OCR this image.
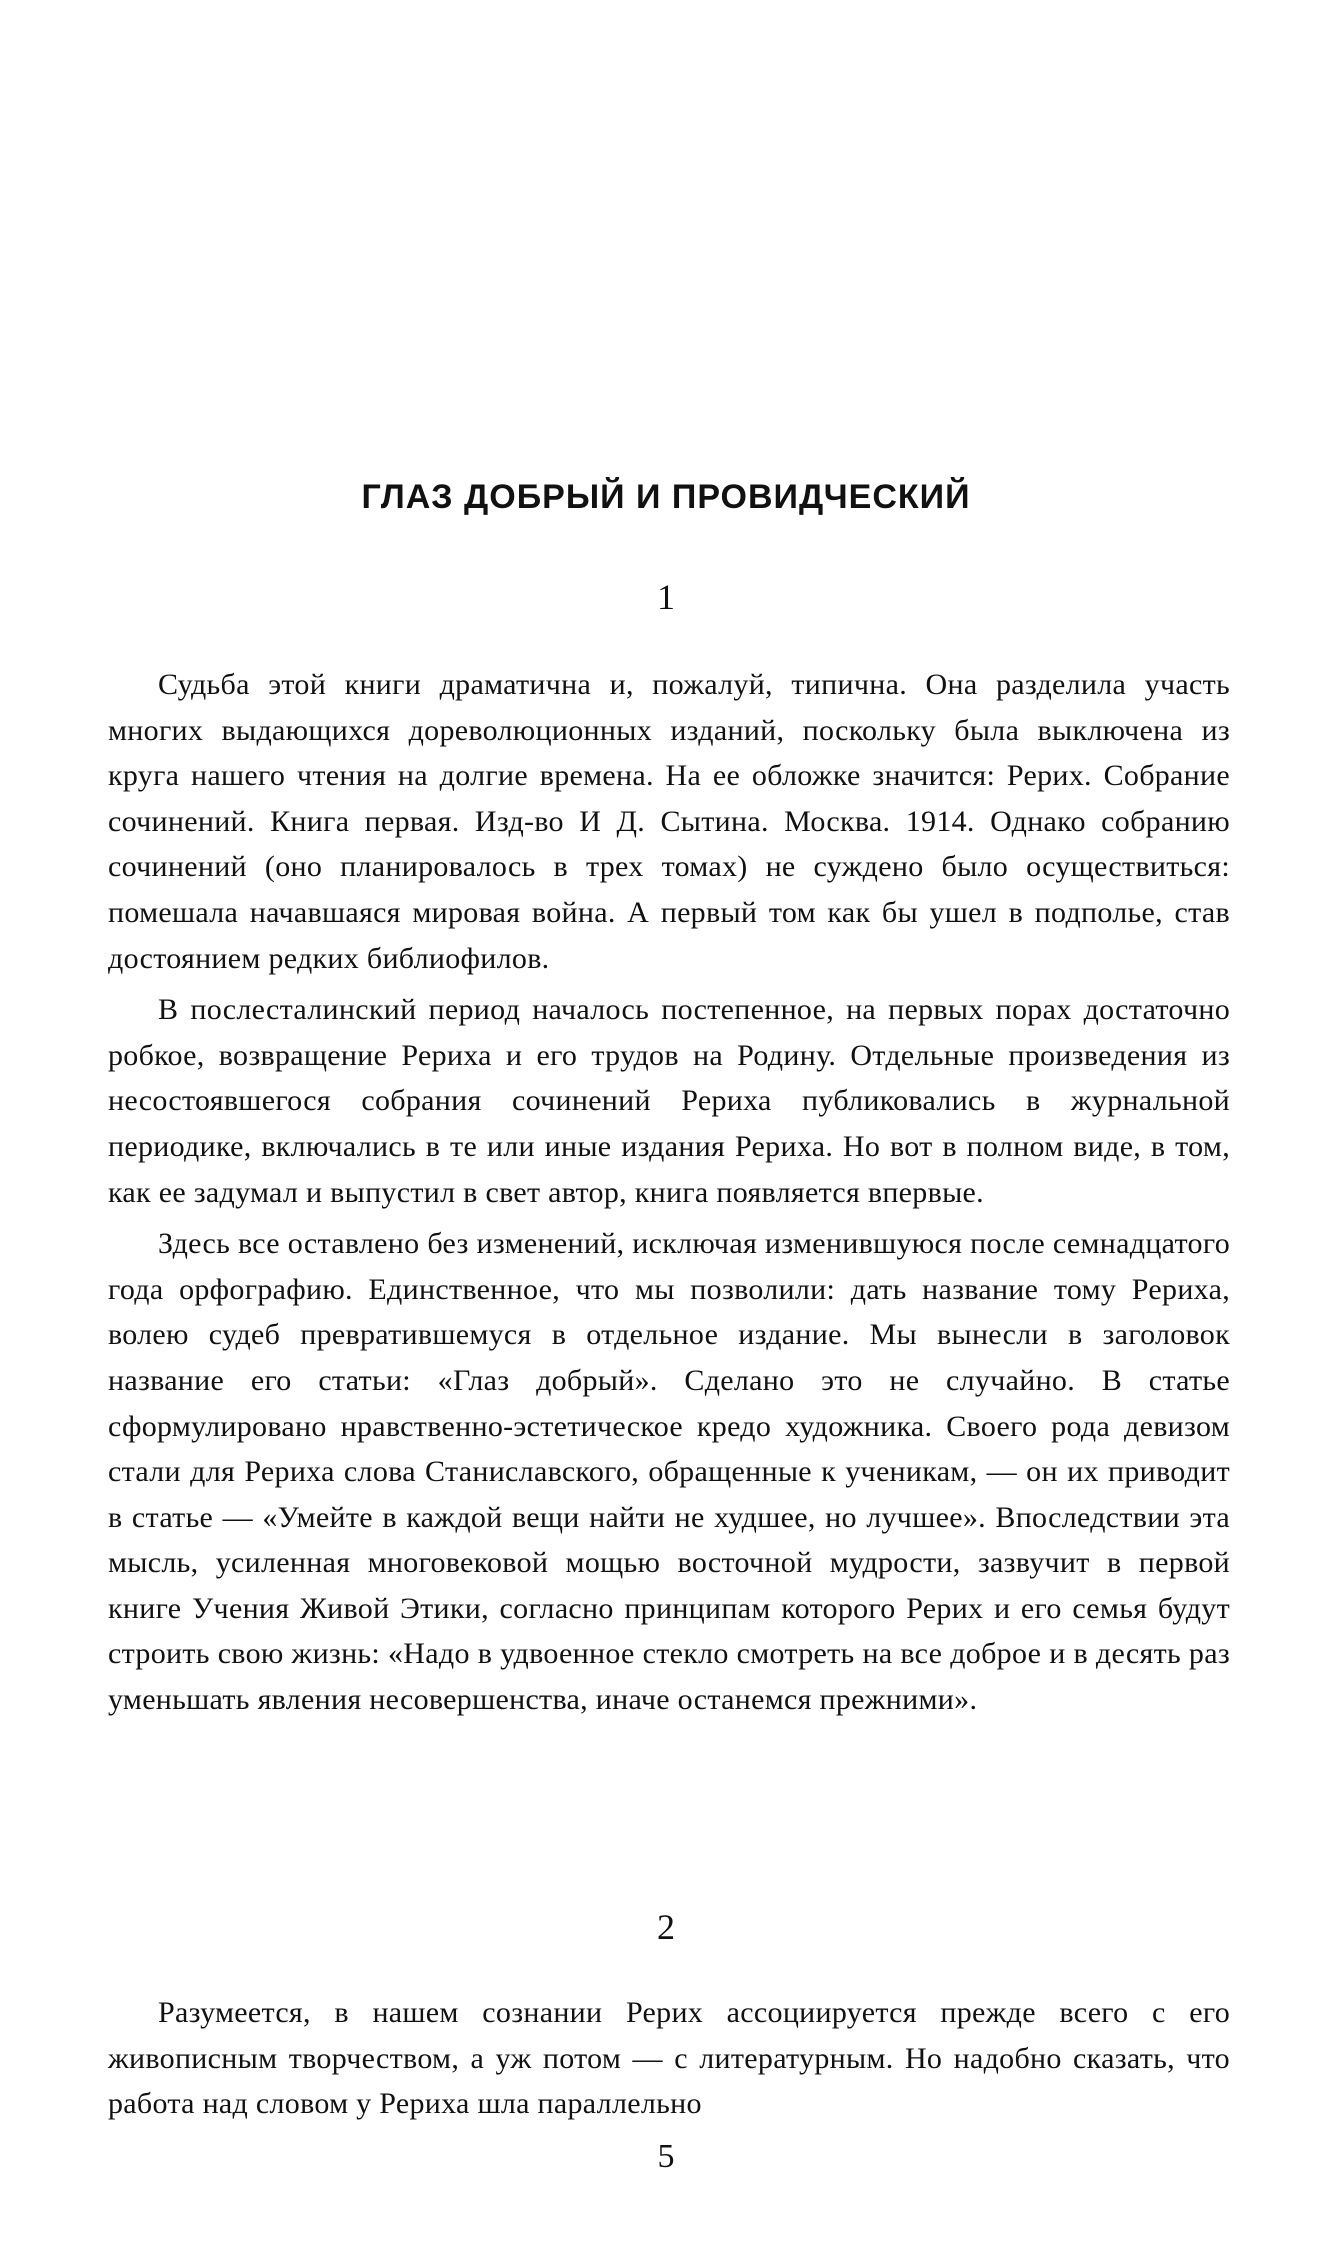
ГЛАЗ ДОБРЫЙ И ПРОВИДЧЕСКИЙ
1

Судьба этой книги драматична и, пожалуй, типична. Она разделила участь многих выдающихся дореволюционных изданий, поскольку была выключена из круга нашего чтения на долгие времена. На ее обложке значится: Рерих. Собрание сочинений. Книга первая. Изд-во И Д. Сытина. Москва. 1914. Однако собранию сочинений (оно планировалось в трех томах) не суждено было осуществиться: помешала начавшаяся мировая война. А первый том как бы ушел в подполье, став достоянием редких библиофилов.

В послесталинский период началось постепенное, на первых порах достаточно робкое, возвращение Рериха и его трудов на Родину. Отдельные произведения из несостоявшегося собрания сочинений Рериха публиковались в журнальной периодике, включались в те или иные издания Рериха. Но вот в полном виде, в том, как ее задумал и выпустил в свет автор, книга появляется впервые.

Здесь все оставлено без изменений, исключая изменившуюся после семнадцатого года орфографию. Единственное, что мы позволили: дать название тому Рериха, волею судеб превратившемуся в отдельное издание. Мы вынесли в заголовок название его статьи: «Глаз добрый». Сделано это не случайно. В статье сформулировано нравственно-эстетическое кредо художника. Своего рода девизом стали для Рериха слова Станиславского, обращенные к ученикам, — он их приводит в статье — «Умейте в каждой вещи найти не худшее, но лучшее». Впоследствии эта мысль, усиленная многовековой мощью восточной мудрости, зазвучит в первой книге Учения Живой Этики, согласно принципам которого Рерих и его семья будут строить свою жизнь: «Надо в удвоенное стекло смотреть на все доброе и в десять раз уменьшать явления несовершенства, иначе останемся прежними».

2

Разумеется, в нашем сознании Рерих ассоциируется прежде всего с его живописным творчеством, а уж потом — с литературным. Но надобно сказать, что работа над словом у Рериха шла параллельно

5
